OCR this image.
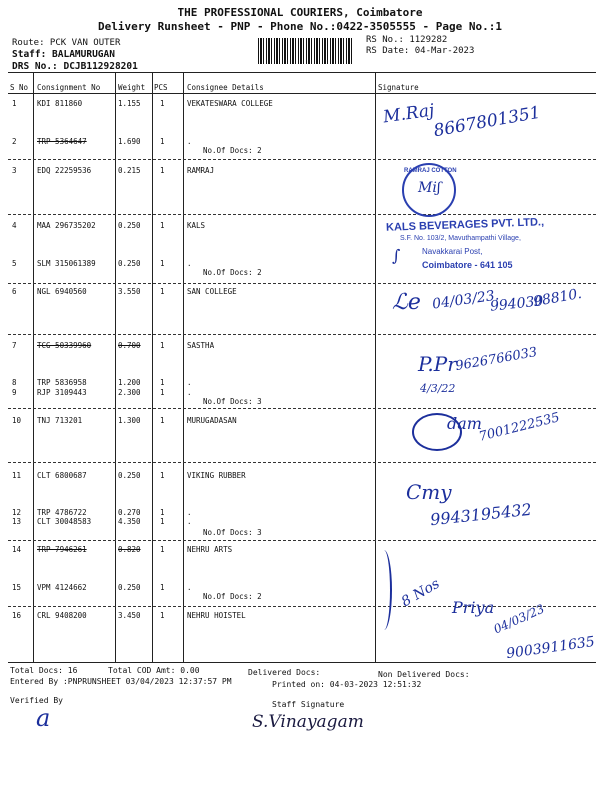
THE PROFESSIONAL COURIERS, Coimbatore
Delivery Runsheet - PNP - Phone No.:0422-3505555 - Page No.:1
Route: PCK VAN OUTER
Staff: BALAMURUGAN
DRS No.: DCJB112928201
RS No.: 1129282
RS Date: 04-Mar-2023
S No Consignment No Weight PCS	Consignee Details	Signature
1	KDI 811860	1.155	1	VEKATESWARA COLLEGE
2	TRP 5364647	1.690	1	.
No.Of Docs: 2
3	EDQ 22259536	0.215	1	RAMRAJ
4	MAA 296735202	0.250	1	KALS
5	SLM 315061389	0.250	1	.
No.Of Docs: 2
6	NGL 6940560	3.550	1	SAN COLLEGE
7	TCG 50339960	0.700	1	SASTHA
8	TRP 5836958	1.200	1	.
9	RJP 3109443	2.300	1	.
No.Of Docs: 3
10 TNJ 713201	1.300	1	MURUGADASAN
11 CLT 6800687	0.250	1	VIKING RUBBER
12 TRP 4786722	0.270	1	.
13 CLT 30048583	4.350	1	.
No.Of Docs: 3
14 TRP 7946261	0.820	1	NEHRU ARTS
15 VPM 4124662	0.250	1	.
No.Of Docs: 2
16 CRL 9408200	3.450	1	NEHRU HOISTEL
M.Raj
8667801351
RAMRAJ COTTON
Miʃ
KALS BEVERAGES PVT. LTD.,
S.F. No. 103/2, Mavuthampathi Village,
Navakkarai Post,
Coimbatore - 641 105
∫
ℒe 04/03/23.
994030
98810.
P.Pr
9626766033
4/3/22
dam
7001222535
Cmy
9943195432
8 Nos Priya
04/03/23
9003911635
Total Docs: 16	Total COD Amt: 0.00	Delivered Docs:	Non Delivered Docs:
Entered By :PNPRUNSHEET 03/04/2023 12:37:57 PM	Printed on: 04-03-2023 12:51:32
Verified By
a	Staff Signature
S.Vinayagam
